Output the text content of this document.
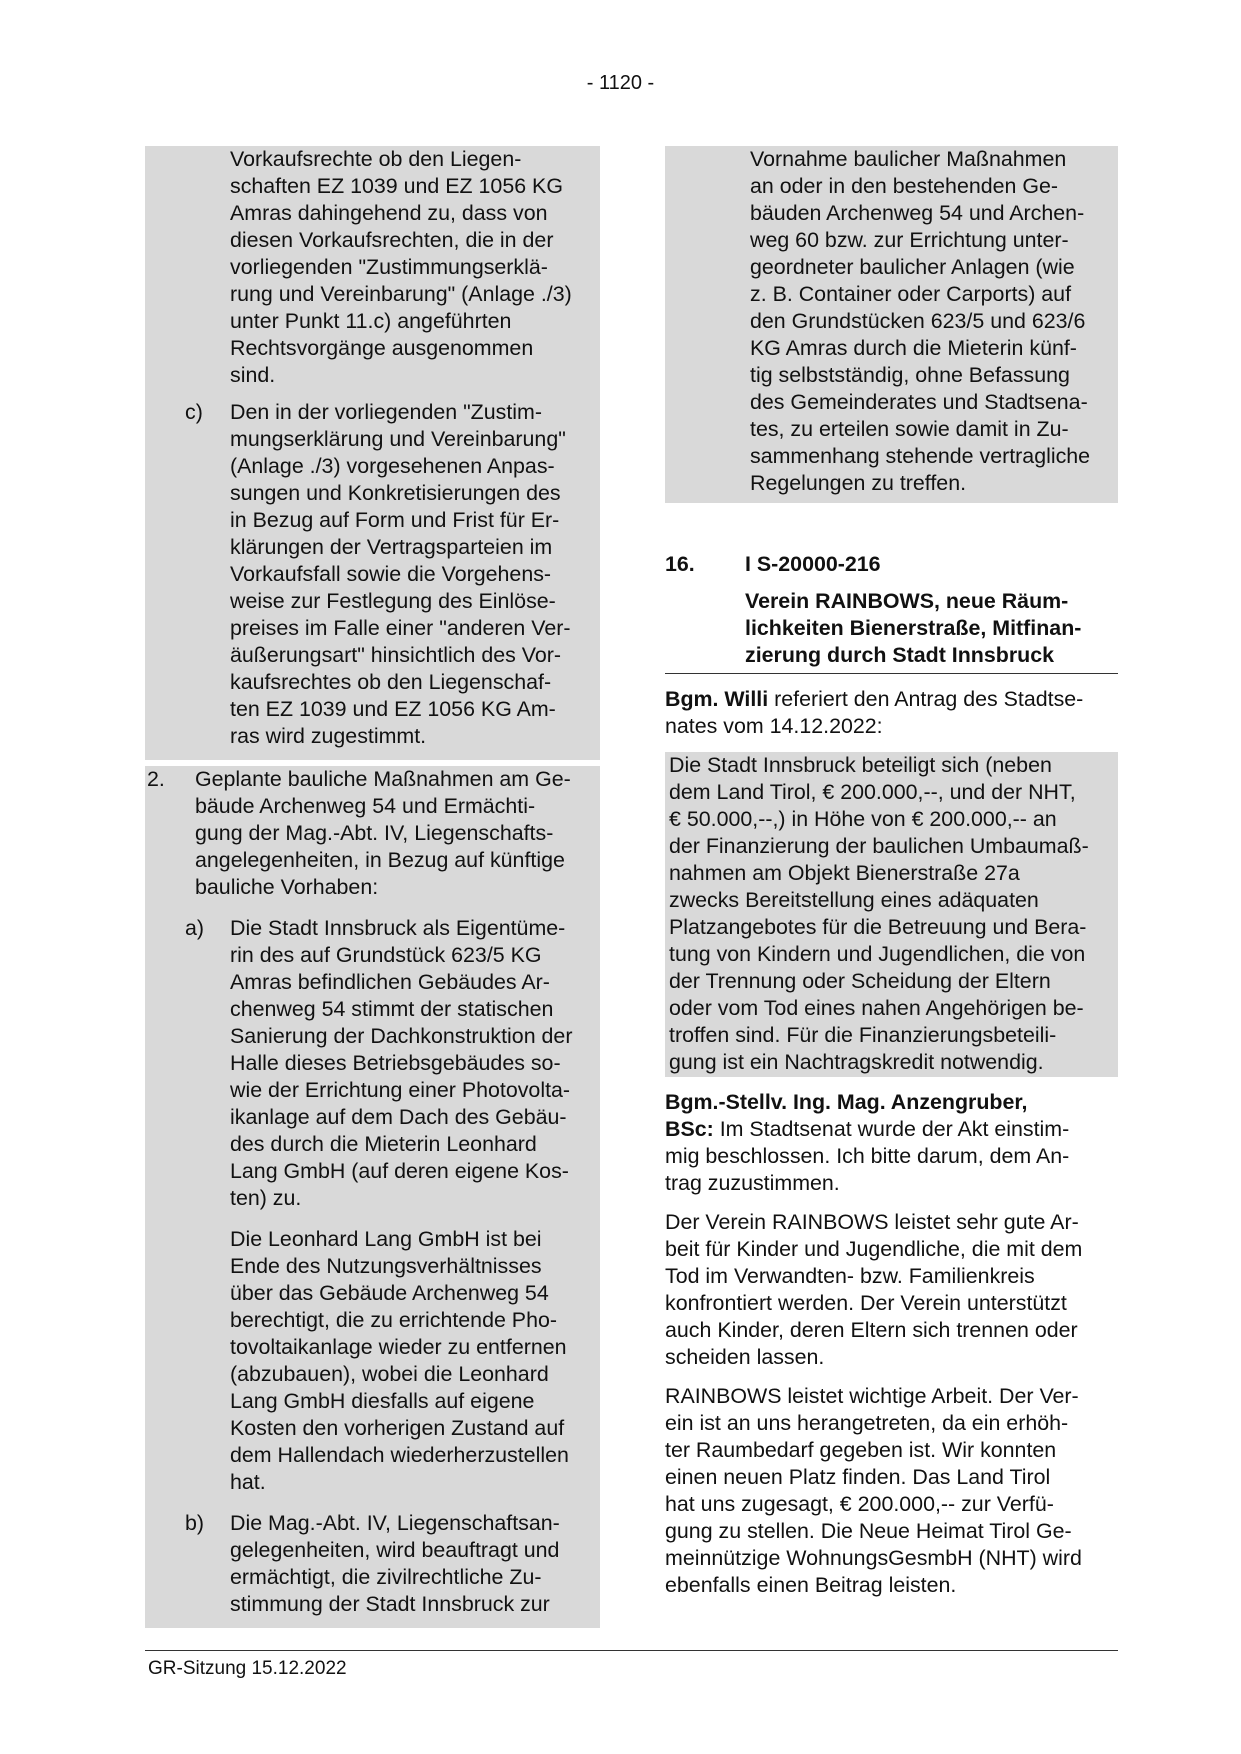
- 1120 -
Vorkaufsrechte ob den Liegen-
schaften EZ 1039 und EZ 1056 KG
Amras dahingehend zu, dass von
diesen Vorkaufsrechten, die in der
vorliegenden "Zustimmungserklä-
rung und Vereinbarung" (Anlage ./3)
unter Punkt 11.c) angeführten
Rechtsvorgänge ausgenommen
sind.
c) Den in der vorliegenden "Zustim-
mungserklärung und Vereinbarung"
(Anlage ./3) vorgesehenen Anpas-
sungen und Konkretisierungen des
in Bezug auf Form und Frist für Er-
klärungen der Vertragsparteien im
Vorkaufsfall sowie die Vorgehens-
weise zur Festlegung des Einlöse-
preises im Falle einer "anderen Ver-
äußerungsart" hinsichtlich des Vor-
kaufsrechtes ob den Liegenschaf-
ten EZ 1039 und EZ 1056 KG Am-
ras wird zugestimmt.
2. Geplante bauliche Maßnahmen am Ge-
bäude Archenweg 54 und Ermächti-
gung der Mag.-Abt. IV, Liegenschafts-
angelegenheiten, in Bezug auf künftige
bauliche Vorhaben:
a) Die Stadt Innsbruck als Eigentüme-
rin des auf Grundstück 623/5 KG
Amras befindlichen Gebäudes Ar-
chenweg 54 stimmt der statischen
Sanierung der Dachkonstruktion der
Halle dieses Betriebsgebäudes so-
wie der Errichtung einer Photovolta-
ikanlage auf dem Dach des Gebäu-
des durch die Mieterin Leonhard
Lang GmbH (auf deren eigene Kos-
ten) zu.
Die Leonhard Lang GmbH ist bei
Ende des Nutzungsverhältnisses
über das Gebäude Archenweg 54
berechtigt, die zu errichtende Pho-
tovoltaikanlage wieder zu entfernen
(abzubauen), wobei die Leonhard
Lang GmbH diesfalls auf eigene
Kosten den vorherigen Zustand auf
dem Hallendach wiederherzustellen
hat.
b) Die Mag.-Abt. IV, Liegenschaftsan-
gelegenheiten, wird beauftragt und
ermächtigt, die zivilrechtliche Zu-
stimmung der Stadt Innsbruck zur
Vornahme baulicher Maßnahmen
an oder in den bestehenden Ge-
bäuden Archenweg 54 und Archen-
weg 60 bzw. zur Errichtung unter-
geordneter baulicher Anlagen (wie
z. B. Container oder Carports) auf
den Grundstücken 623/5 und 623/6
KG Amras durch die Mieterin künf-
tig selbstständig, ohne Befassung
des Gemeinderates und Stadtsena-
tes, zu erteilen sowie damit in Zu-
sammenhang stehende vertragliche
Regelungen zu treffen.
16.	I S-20000-216
Verein RAINBOWS, neue Räum-
lichkeiten Bienerstraße, Mitfinan-
zierung durch Stadt Innsbruck
Bgm. Willi referiert den Antrag des Stadtse-
nates vom 14.12.2022:
Die Stadt Innsbruck beteiligt sich (neben
dem Land Tirol, € 200.000,--, und der NHT,
€ 50.000,--,) in Höhe von € 200.000,-- an
der Finanzierung der baulichen Umbaumaß-
nahmen am Objekt Bienerstraße 27a
zwecks Bereitstellung eines adäquaten
Platzangebotes für die Betreuung und Bera-
tung von Kindern und Jugendlichen, die von
der Trennung oder Scheidung der Eltern
oder vom Tod eines nahen Angehörigen be-
troffen sind. Für die Finanzierungsbeteili-
gung ist ein Nachtragskredit notwendig.
Bgm.-Stellv. Ing. Mag. Anzengruber,
BSc: Im Stadtsenat wurde der Akt einstim-
mig beschlossen. Ich bitte darum, dem An-
trag zuzustimmen.
Der Verein RAINBOWS leistet sehr gute Ar-
beit für Kinder und Jugendliche, die mit dem
Tod im Verwandten- bzw. Familienkreis
konfrontiert werden. Der Verein unterstützt
auch Kinder, deren Eltern sich trennen oder
scheiden lassen.
RAINBOWS leistet wichtige Arbeit. Der Ver-
ein ist an uns herangetreten, da ein erhöh-
ter Raumbedarf gegeben ist. Wir konnten
einen neuen Platz finden. Das Land Tirol
hat uns zugesagt, € 200.000,-- zur Verfü-
gung zu stellen. Die Neue Heimat Tirol Ge-
meinnützige WohnungsGesmbH (NHT) wird
ebenfalls einen Beitrag leisten.
GR-Sitzung 15.12.2022
